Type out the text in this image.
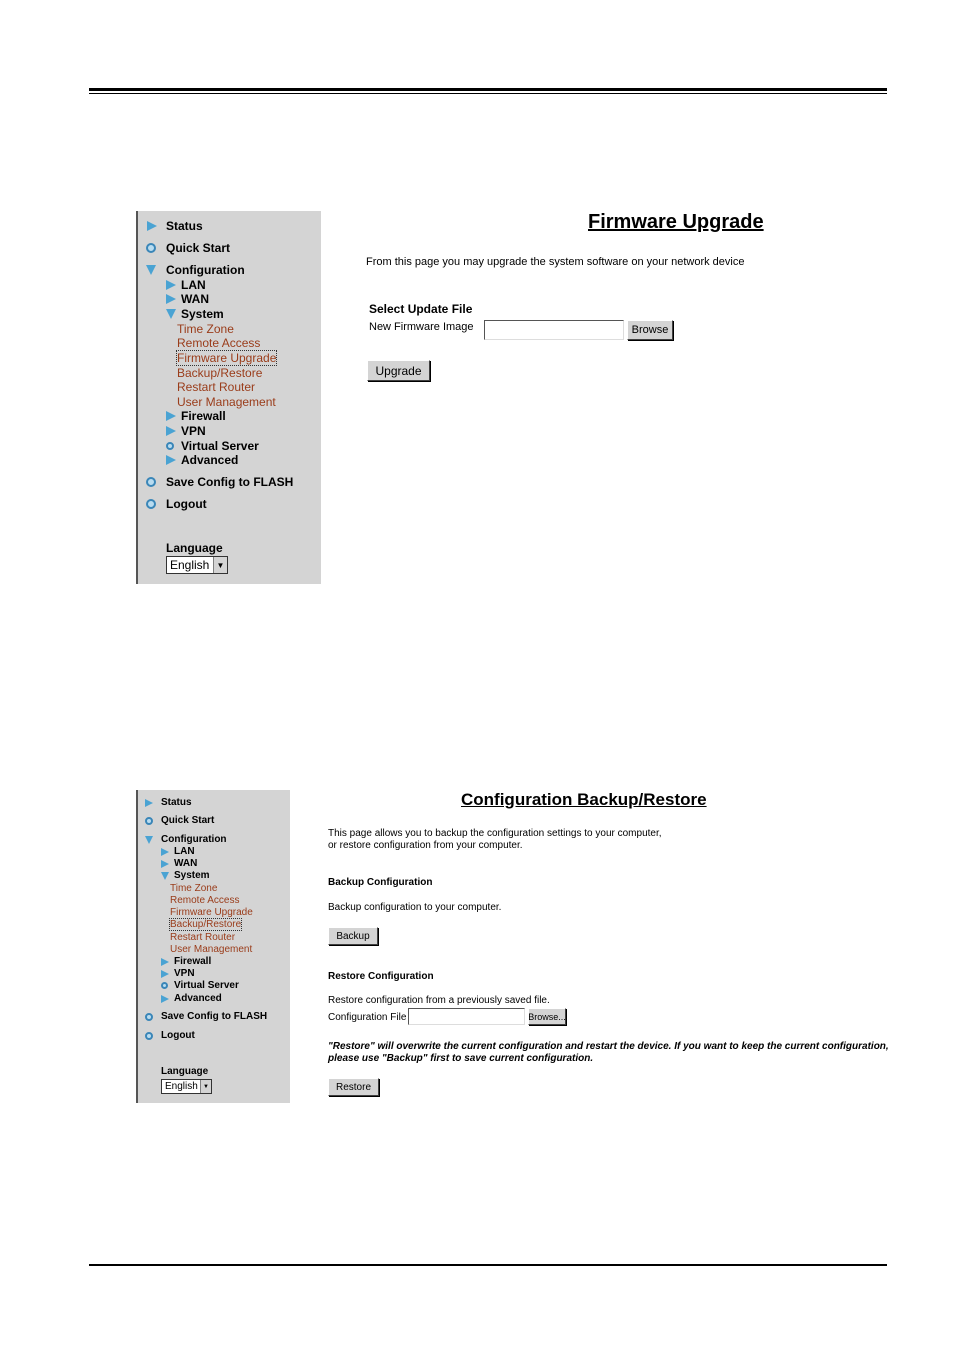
Status
Quick Start
Configuration
LAN
WAN
System
Time Zone
Remote Access
Firmware Upgrade
Backup/Restore
Restart Router
User Management
Firewall
VPN
Virtual Server
Advanced
Save Config to FLASH
Logout
Language
English ▼
Firmware Upgrade
From this page you may upgrade the system software on your network device
Select Update File
New Firmware Image	Browse
Upgrade
Status
Quick Start
Configuration
LAN
WAN
System
Time Zone
Remote Access
Firmware Upgrade
Backup/Restore
Restart Router
User Management
Firewall
VPN
Virtual Server
Advanced
Save Config to FLASH
Logout
Language
English ▼
Configuration Backup/Restore
This page allows you to backup the configuration settings to your computer,
or restore configuration from your computer.
Backup Configuration
Backup configuration to your computer.
Backup
Restore Configuration
Restore configuration from a previously saved file.
Configuration File	Browse...
"Restore" will overwrite the current configuration and restart the device. If you want to keep the current configuration,
please use "Backup" first to save current configuration.
Restore
